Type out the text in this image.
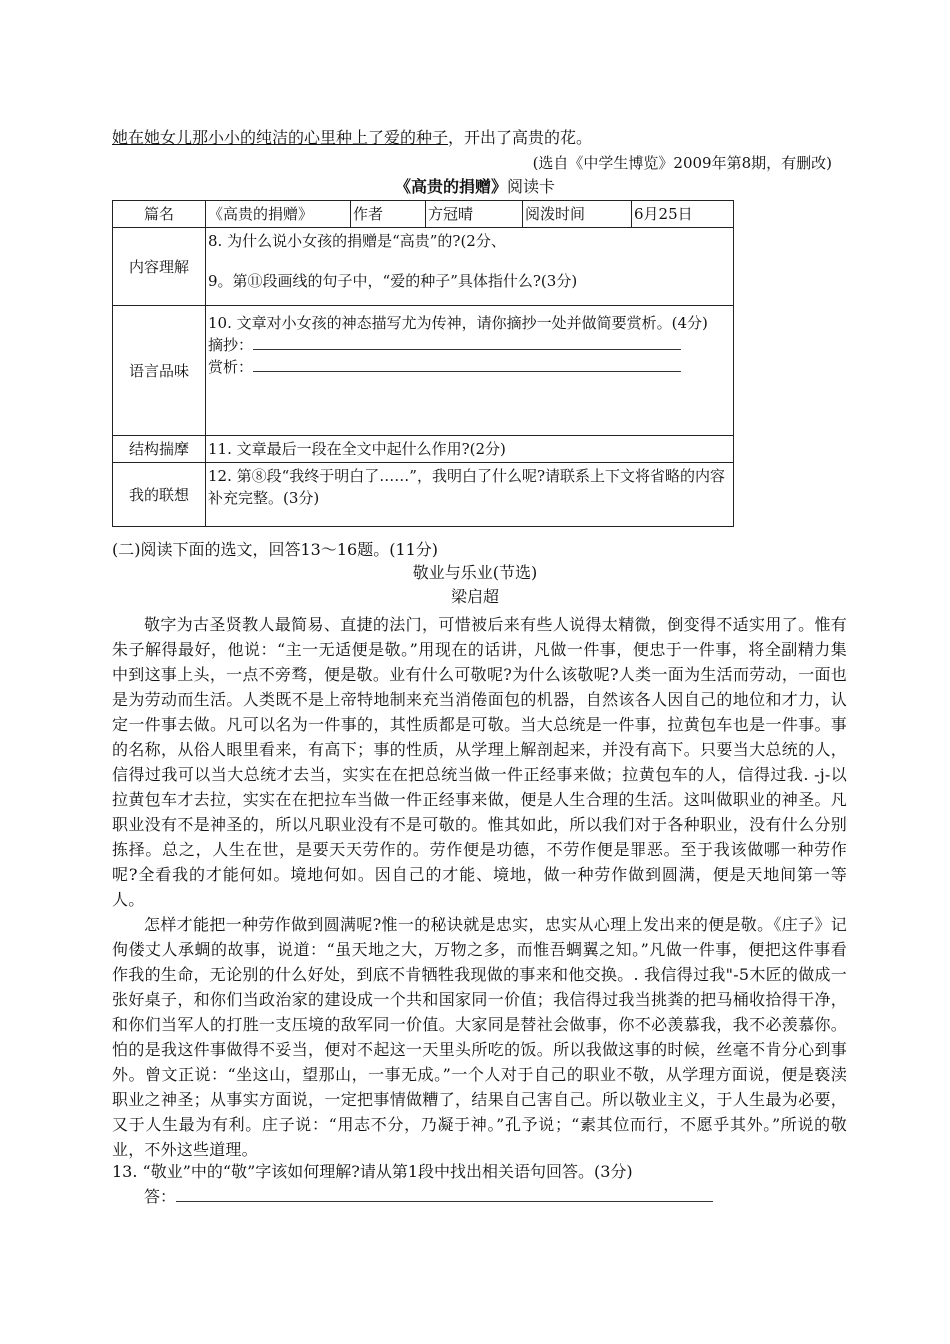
她在她女儿那小小的纯洁的心里种上了爱的种子，开出了高贵的花。
(选自《中学生博览》2009年第8期，有删改)
《高贵的捐赠》阅读卡
篇名	《高贵的捐赠》	作者	方冠晴	阅泼时间	6月25日
内容理解	8. 为什么说小女孩的捐赠是“高贵”的?(2分、
9。第⑪段画线的句子中，“爱的种子”具体指什么?(3分)				

语言品味	10. 文章对小女孩的神态描写尤为传神，请你摘抄一处并做简要赏析。(4分)
摘抄：
赏析：				

结构揣摩	11. 文章最后一段在全文中起什么作用?(2分)				
我的联想	12. 第⑧段“我终于明白了……”，我明白了什么呢?请联系上下文将省略的内容补充完整。(3分)				
(二)阅读下面的选文，回答13～16题。(11分)
敬业与乐业(节选)
梁启超

敬字为古圣贤教人最简易、直捷的法门，可惜被后来有些人说得太精微，倒变得不适实用了。惟有朱子解得最好，他说：“主一无适便是敬。”用现在的话讲，凡做一件事，便忠于一件事，将全副精力集中到这事上头，一点不旁骛，便是敬。业有什么可敬呢?为什么该敬呢?人类一面为生活而劳动，一面也是为劳动而生活。人类既不是上帝特地制来充当消倦面包的机器，自然该各人因自己的地位和才力，认定一件事去做。凡可以名为一件事的，其性质都是可敬。当大总统是一件事，拉黄包车也是一件事。事的名称，从俗人眼里看来，有高下；事的性质，从学理上解剖起来，并没有高下。只要当大总统的人，信得过我可以当大总统才去当，实实在在把总统当做一件正经事来做；拉黄包车的人，信得过我. -j-以拉黄包车才去拉，实实在在把拉车当做一件正经事来做，便是人生合理的生活。这叫做职业的神圣。凡职业没有不是神圣的，所以凡职业没有不是可敬的。惟其如此，所以我们对于各种职业，没有什么分别拣择。总之，人生在世，是要天天劳作的。劳作便是功德，不劳作便是罪恶。至于我该做哪一种劳作呢?全看我的才能何如。境地何如。因自己的才能、境地，做一种劳作做到圆满，便是天地间第一等人。

怎样才能把一种劳作做到圆满呢?惟一的秘诀就是忠实，忠实从心理上发出来的便是敬。《庄子》记佝偻丈人承蜩的故事，说道：“虽天地之大，万物之多，而惟吾蜩翼之知。”凡做一件事，便把这件事看作我的生命，无论别的什么好处，到底不肯牺牲我现做的事来和他交换。. 我信得过我"-5木匠的做成一张好桌子，和你们当政治家的建设成一个共和国家同一价值；我信得过我当挑粪的把马桶收拾得干净，和你们当军人的打胜一支压境的敌军同一价值。大家同是替社会做事，你不必羡慕我，我不必羡慕你。怕的是我这件事做得不妥当，便对不起这一天里头所吃的饭。所以我做这事的时候，丝毫不肯分心到事外。曾文正说：“坐这山，望那山，一事无成。”一个人对于自己的职业不敬，从学理方面说，便是亵渎职业之神圣；从事实方面说，一定把事情做糟了，结果自己害自己。所以敬业主义，于人生最为必要，又于人生最为有利。庄子说：“用志不分，乃凝于神。”孔予说；“素其位而行，不愿乎其外。”所说的敬业，不外这些道理。

13. “敬业”中的“敬”字该如何理解?请从第1段中找出相关语句回答。(3分)
答：
